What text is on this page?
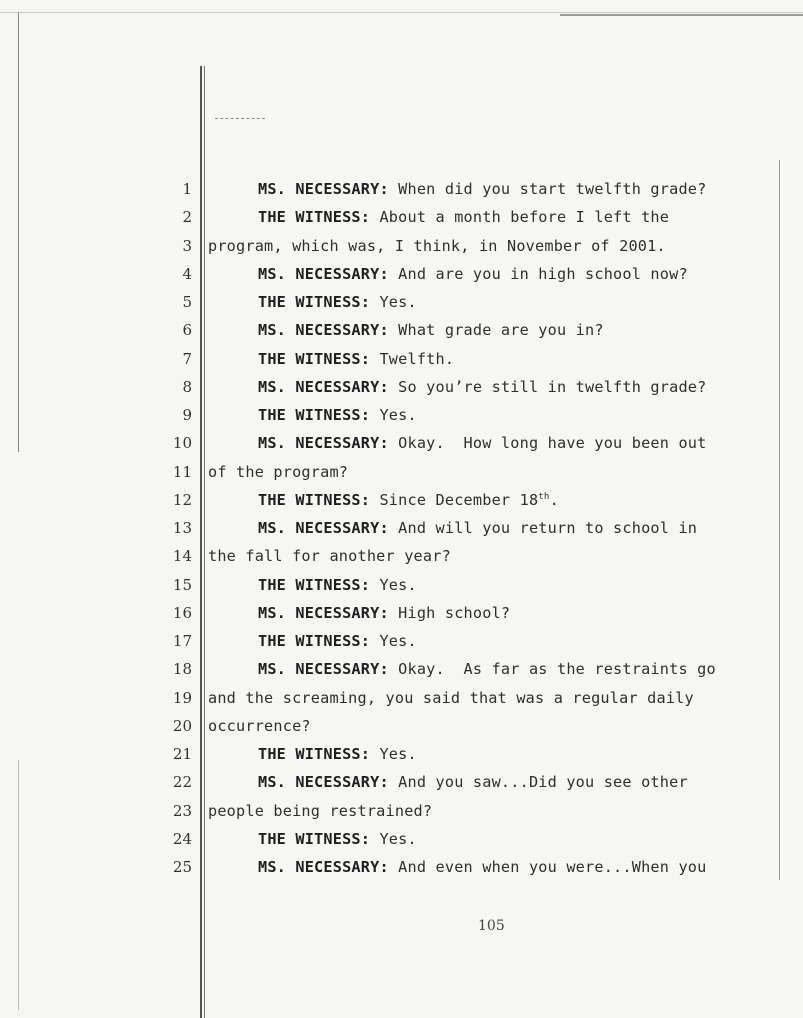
1	MS. NECESSARY: When did you start twelfth grade?
2	THE WITNESS: About a month before I left the
3 program, which was, I think, in November of 2001.
4	MS. NECESSARY: And are you in high school now?
5	THE WITNESS: Yes.
6	MS. NECESSARY: What grade are you in?
7	THE WITNESS: Twelfth.
8	MS. NECESSARY: So you’re still in twelfth grade?
9	THE WITNESS: Yes.
10	MS. NECESSARY: Okay.  How long have you been out
11 of the program?
12	THE WITNESS: Since December 18th.
13	MS. NECESSARY: And will you return to school in
14 the fall for another year?
15	THE WITNESS: Yes.
16	MS. NECESSARY: High school?
17	THE WITNESS: Yes.
18	MS. NECESSARY: Okay.  As far as the restraints go
19 and the screaming, you said that was a regular daily
20 occurrence?
21	THE WITNESS: Yes.
22	MS. NECESSARY: And you saw...Did you see other
23 people being restrained?
24	THE WITNESS: Yes.
25	MS. NECESSARY: And even when you were...When you
105
